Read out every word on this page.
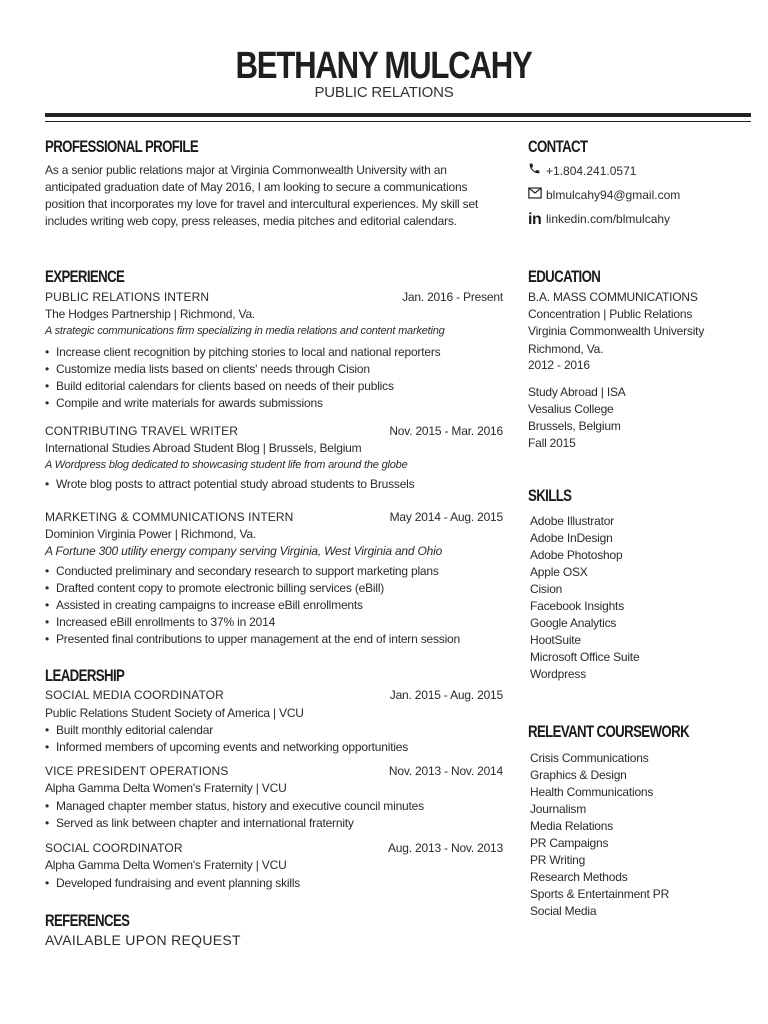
BETHANY MULCAHY
PUBLIC RELATIONS
PROFESSIONAL PROFILE
As a senior public relations major at Virginia Commonwealth University with an anticipated graduation date of May 2016, I am looking to secure a communications position that incorporates my love for travel and intercultural experiences. My skill set includes writing web copy, press releases, media pitches and editorial calendars.
EXPERIENCE
PUBLIC RELATIONS INTERN	Jan. 2016 - Present
The Hodges Partnership | Richmond, Va.
A strategic communications firm specializing in media relations and content marketing
• Increase client recognition by pitching stories to local and national reporters
• Customize media lists based on clients' needs through Cision
• Build editorial calendars for clients based on needs of their publics
• Compile and write materials for awards submissions
CONTRIBUTING TRAVEL WRITER	Nov. 2015 - Mar. 2016
International Studies Abroad Student Blog | Brussels, Belgium
A Wordpress blog dedicated to showcasing student life from around the globe
• Wrote blog posts to attract potential study abroad students to Brussels
MARKETING & COMMUNICATIONS INTERN	May 2014 - Aug. 2015
Dominion Virginia Power | Richmond, Va.
A Fortune 300 utility energy company serving Virginia, West Virginia and Ohio
• Conducted preliminary and secondary research to support marketing plans
• Drafted content copy to promote electronic billing services (eBill)
• Assisted in creating campaigns to increase eBill enrollments
• Increased eBill enrollments to 37% in 2014
• Presented final contributions to upper management at the end of intern session
LEADERSHIP
SOCIAL MEDIA COORDINATOR	Jan. 2015 - Aug. 2015
Public Relations Student Society of America | VCU
• Built monthly editorial calendar
• Informed members of upcoming events and networking opportunities
VICE PRESIDENT OPERATIONS	Nov. 2013 - Nov. 2014
Alpha Gamma Delta Women's Fraternity | VCU
• Managed chapter member status, history and executive council minutes
• Served as link between chapter and international fraternity
SOCIAL COORDINATOR	Aug. 2013 - Nov. 2013
Alpha Gamma Delta Women's Fraternity | VCU
• Developed fundraising and event planning skills
REFERENCES
AVAILABLE UPON REQUEST
CONTACT
+1.804.241.0571
blmulcahy94@gmail.com
in linkedin.com/blmulcahy
EDUCATION
B.A. MASS COMMUNICATIONS
Concentration | Public Relations
Virginia Commonwealth University
Richmond, Va.
2012 - 2016
Study Abroad | ISA
Vesalius College
Brussels, Belgium
Fall 2015
SKILLS
Adobe Illustrator
Adobe InDesign
Adobe Photoshop
Apple OSX
Cision
Facebook Insights
Google Analytics
HootSuite
Microsoft Office Suite
Wordpress
RELEVANT COURSEWORK
Crisis Communications
Graphics & Design
Health Communications
Journalism
Media Relations
PR Campaigns
PR Writing
Research Methods
Sports & Entertainment PR
Social Media
